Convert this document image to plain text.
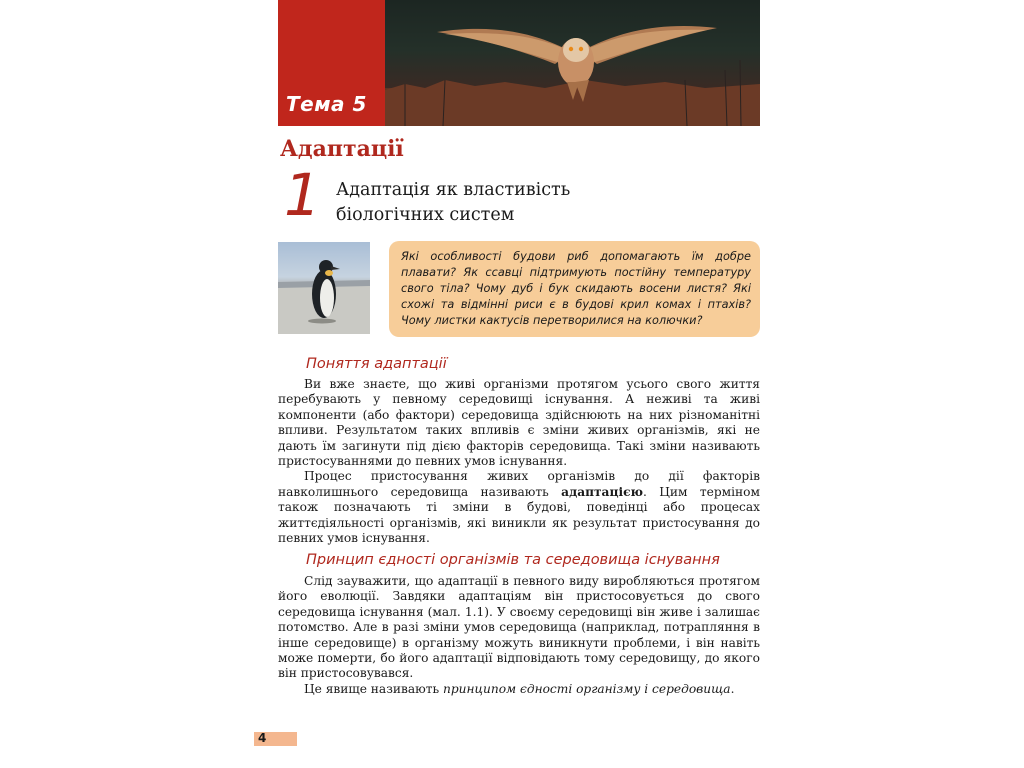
Тема 5
Адаптації
1 Адаптація як властивість
біологічних систем

Які особливості будови риб допомагають їм добре плавати? Як ссавці підтримують постійну температуру свого тіла? Чому дуб і бук скидають восени листя? Які схожі та відмінні риси є в будові крил комах і птахів? Чому листки кактусів перетворилися на колючки?

Поняття адаптації

Ви вже знаєте, що живі організми протягом усього свого життя перебувають у певному середовищі існування. А неживі та живі компоненти (або фактори) середовища здійснюють на них різноманітні впливи. Результатом таких впливів є зміни живих організмів, які не дають їм загинути під дією факторів середовища. Такі зміни називають пристосуваннями до певних умов існування.

Процес пристосування живих організмів до дії факторів навколишнього середовища називають адаптацією. Цим терміном також позначають ті зміни в будові, поведінці або процесах життєдіяльності організмів, які виникли як результат пристосування до певних умов існування.

Принцип єдності організмів та середовища існування

Слід зауважити, що адаптації в певного виду виробляються протягом його еволюції. Завдяки адаптаціям він пристосовується до свого середовища існування (мал. 1.1). У своєму середовищі він живе і залишає потомство. Але в разі зміни умов середовища (наприклад, потрапляння в інше середовище) в організму можуть виникнути проблеми, і він навіть може померти, бо його адаптації відповідають тому середовищу, до якого він пристосовувався.

Це явище називають принципом єдності організму і середовища.

4
